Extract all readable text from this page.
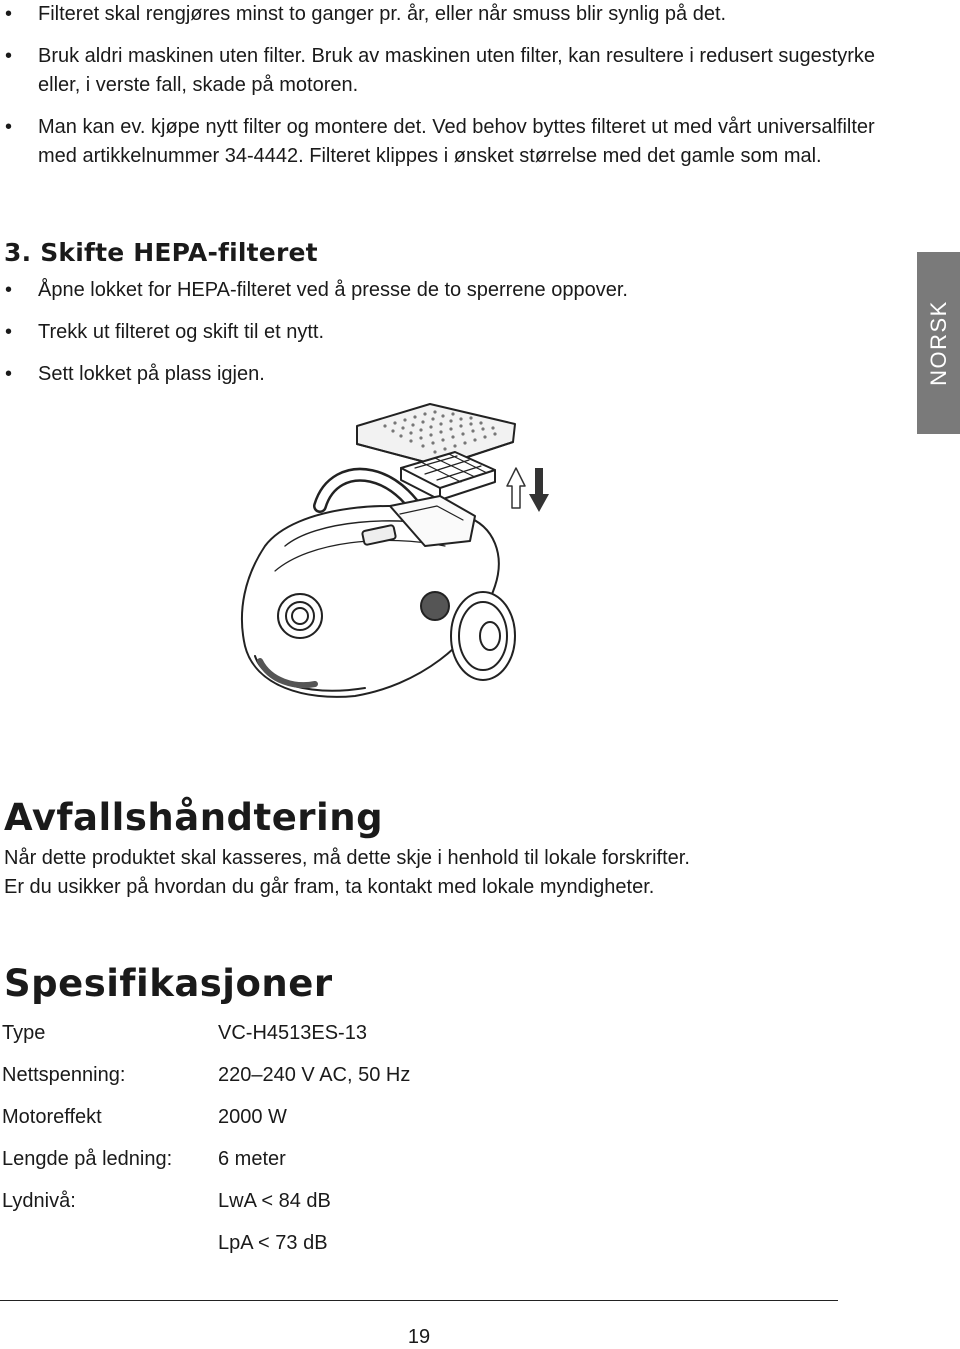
• Filteret skal rengjøres minst to ganger pr. år, eller når smuss blir synlig på det.
• Bruk aldri maskinen uten filter. Bruk av maskinen uten filter, kan resultere i redusert sugestyrke eller, i verste fall, skade på motoren.
• Man kan ev. kjøpe nytt filter og montere det. Ved behov byttes filteret ut med vårt universalfilter med artikkelnummer 34-4442. Filteret klippes i ønsket størrelse med det gamle som mal.
3. Skifte HEPA-filteret
• Åpne lokket for HEPA-filteret ved å presse de to sperrene oppover.
• Trekk ut filteret og skift til et nytt.
• Sett lokket på plass igjen.	NORSK
Avfallshåndtering
Når dette produktet skal kasseres, må dette skje i henhold til lokale forskrifter.
Er du usikker på hvordan du går fram, ta kontakt med lokale myndigheter.
Spesifikasjoner
Type	VC-H4513ES-13
Nettspenning:	220–240 V AC, 50 Hz
Motoreffekt	2000 W
Lengde på ledning:	6 meter
Lydnivå:	LwA < 84 dB
	LpA < 73 dB
19
